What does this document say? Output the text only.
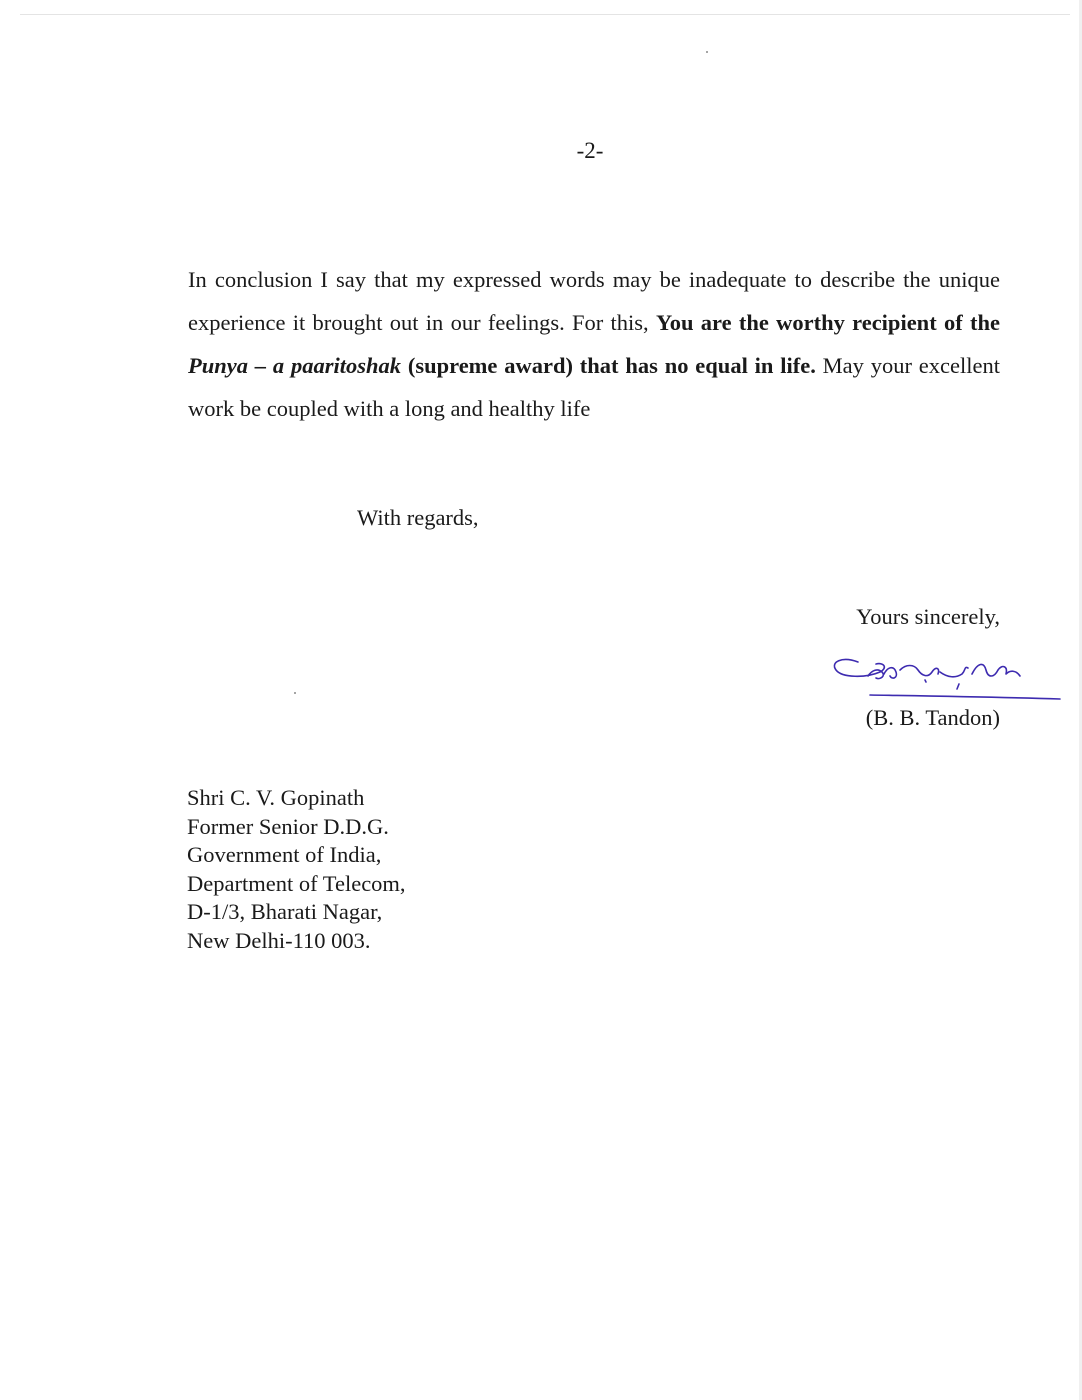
-2-

In conclusion I say that my expressed words may be inadequate to describe the unique experience it brought out in our feelings. For this, You are the worthy recipient of the Punya – a paaritoshak (supreme award) that has no equal in life. May your excellent work be coupled with a long and healthy life

With regards,
Yours sincerely,
(B. B. Tandon)
Shri C. V. Gopinath
Former Senior D.D.G.
Government of India,
Department of Telecom,
D-1/3, Bharati Nagar,
New Delhi-110 003.
